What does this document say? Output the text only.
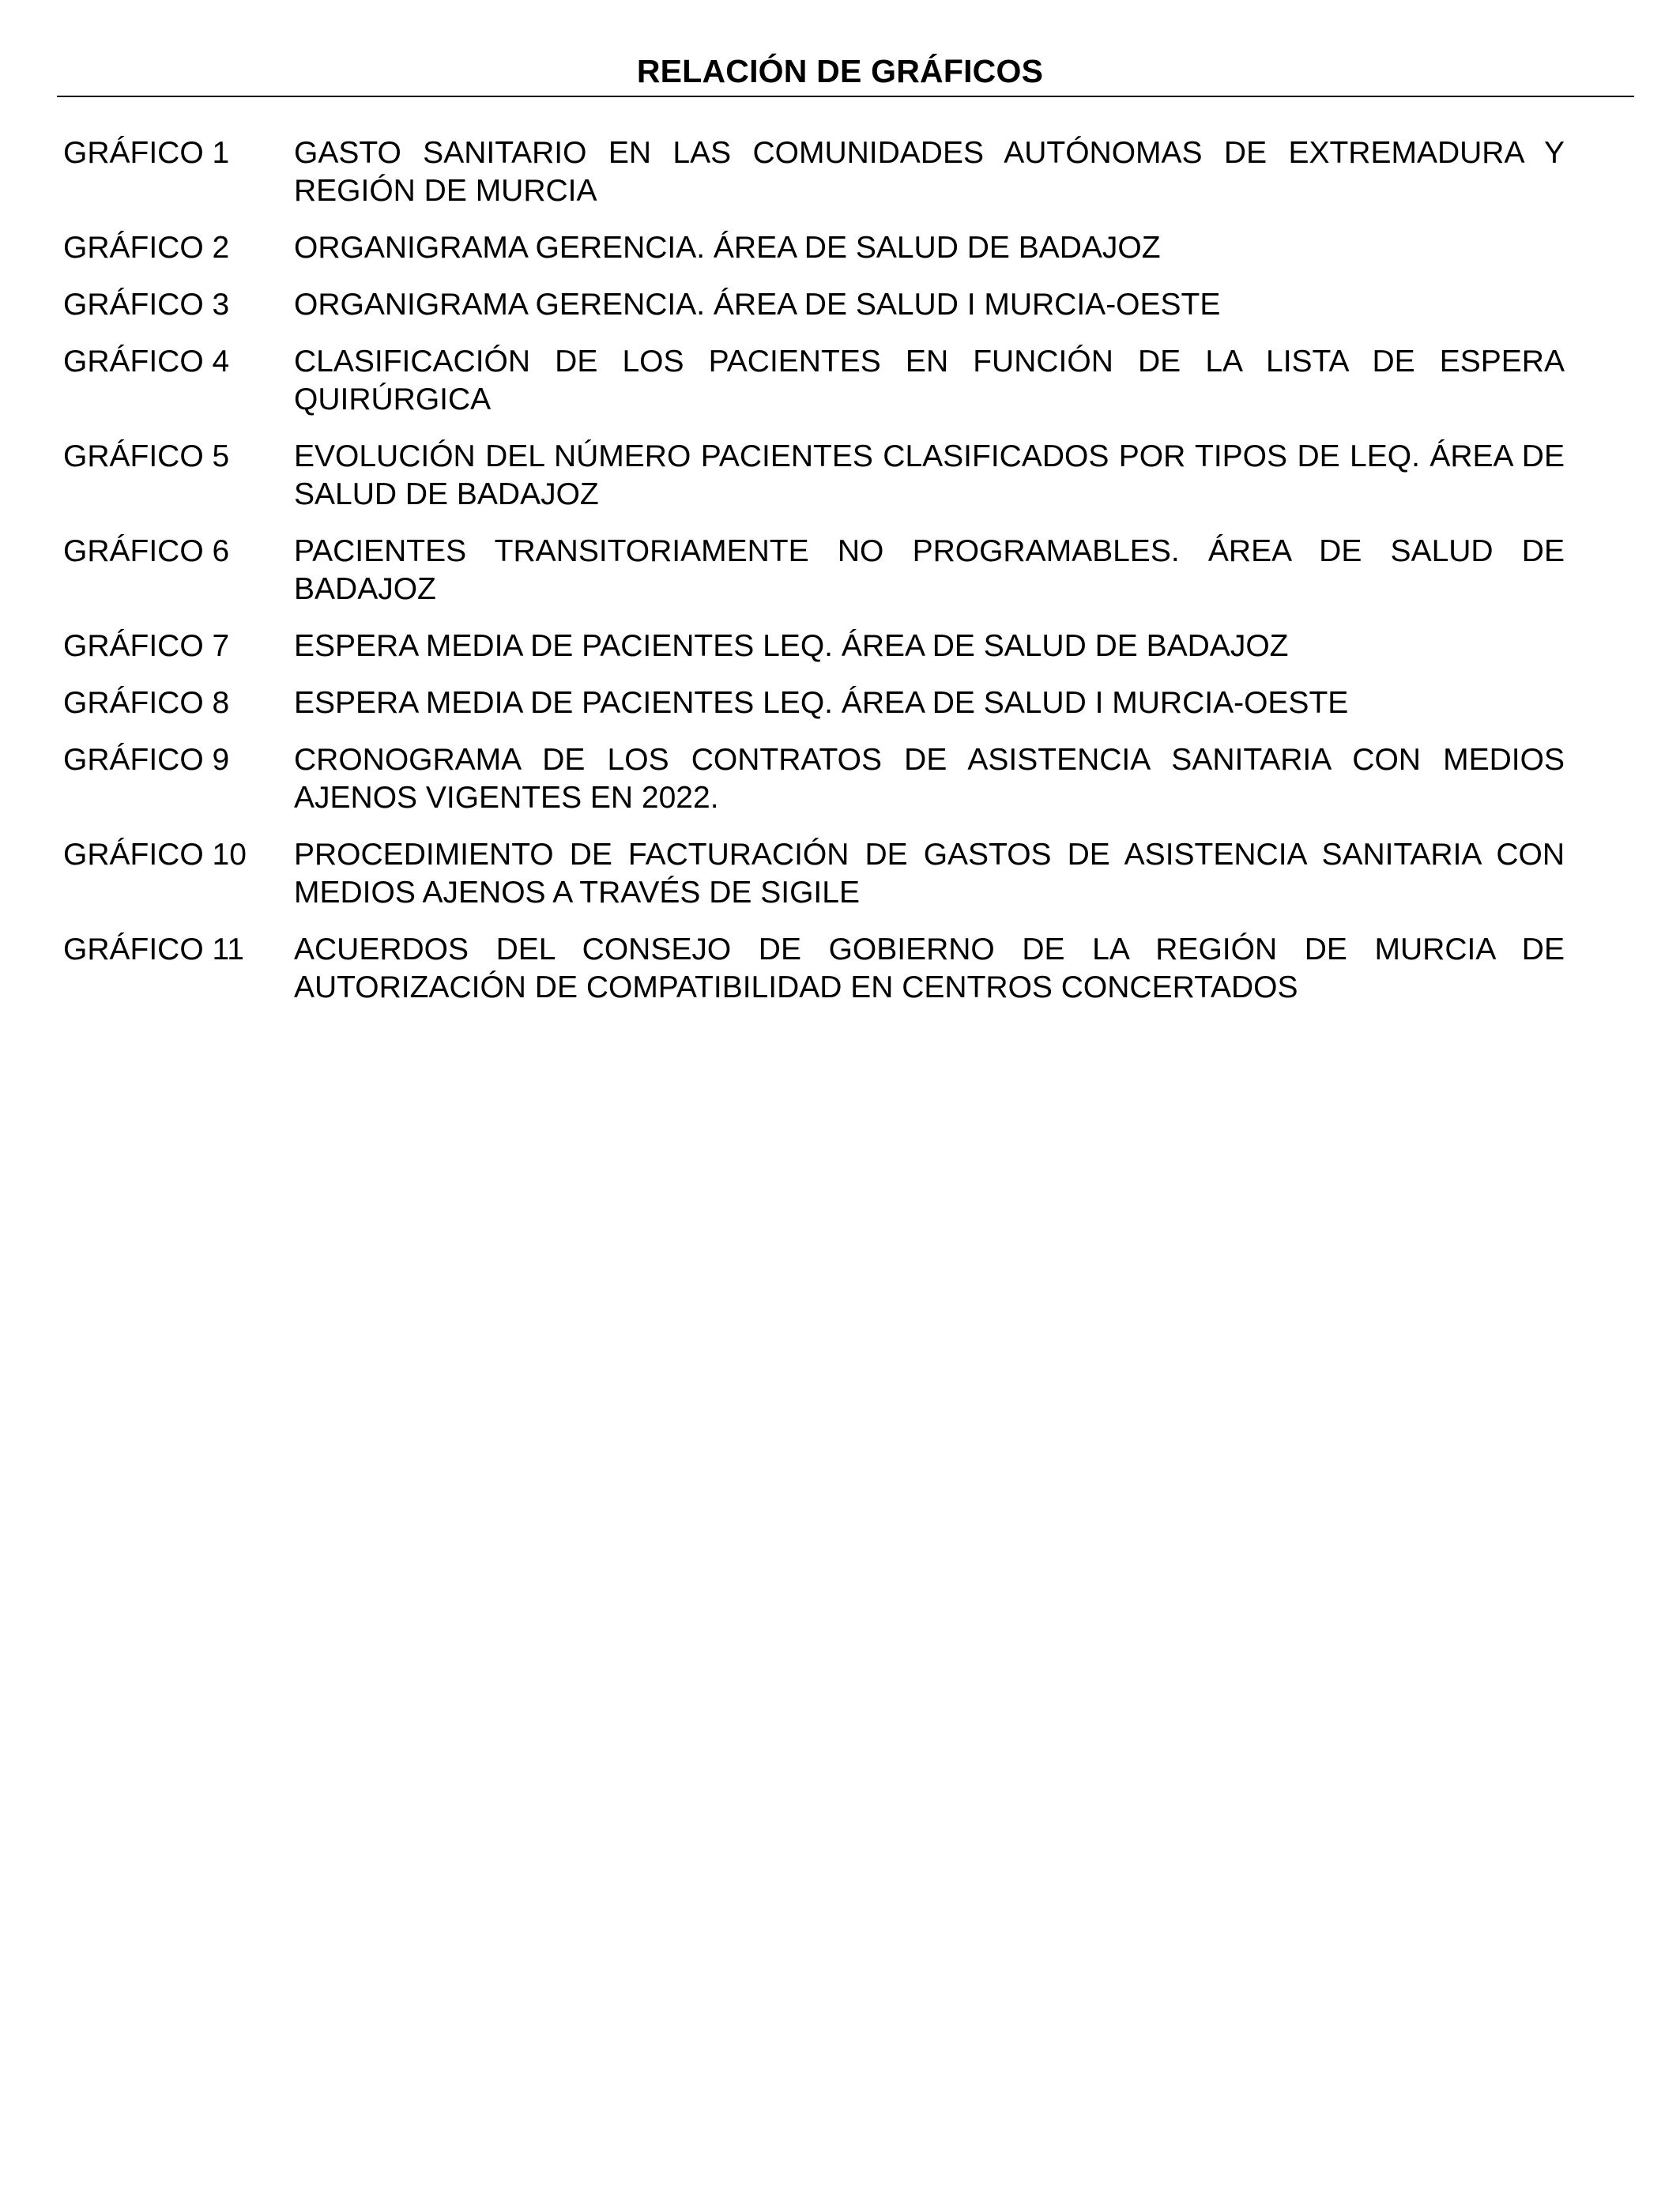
RELACIÓN DE GRÁFICOS
GRÁFICO 1	GASTO SANITARIO EN LAS COMUNIDADES AUTÓNOMAS DE EXTREMADURA Y REGIÓN DE MURCIA
GRÁFICO 2	ORGANIGRAMA GERENCIA. ÁREA DE SALUD DE BADAJOZ
GRÁFICO 3	ORGANIGRAMA GERENCIA. ÁREA DE SALUD I MURCIA-OESTE
GRÁFICO 4	CLASIFICACIÓN DE LOS PACIENTES EN FUNCIÓN DE LA LISTA DE ESPERA QUIRÚRGICA
GRÁFICO 5	EVOLUCIÓN DEL NÚMERO PACIENTES CLASIFICADOS POR TIPOS DE LEQ. ÁREA DE SALUD DE BADAJOZ
GRÁFICO 6	PACIENTES TRANSITORIAMENTE NO PROGRAMABLES. ÁREA DE SALUD DE BADAJOZ
GRÁFICO 7	ESPERA MEDIA DE PACIENTES LEQ. ÁREA DE SALUD DE BADAJOZ
GRÁFICO 8	ESPERA MEDIA DE PACIENTES LEQ. ÁREA DE SALUD I MURCIA-OESTE
GRÁFICO 9	CRONOGRAMA DE LOS CONTRATOS DE ASISTENCIA SANITARIA CON MEDIOS AJENOS VIGENTES EN 2022.
GRÁFICO 10	PROCEDIMIENTO DE FACTURACIÓN DE GASTOS DE ASISTENCIA SANITARIA CON MEDIOS AJENOS A TRAVÉS DE SIGILE
GRÁFICO 11	ACUERDOS DEL CONSEJO DE GOBIERNO DE LA REGIÓN DE MURCIA DE AUTORIZACIÓN DE COMPATIBILIDAD EN CENTROS CONCERTADOS
